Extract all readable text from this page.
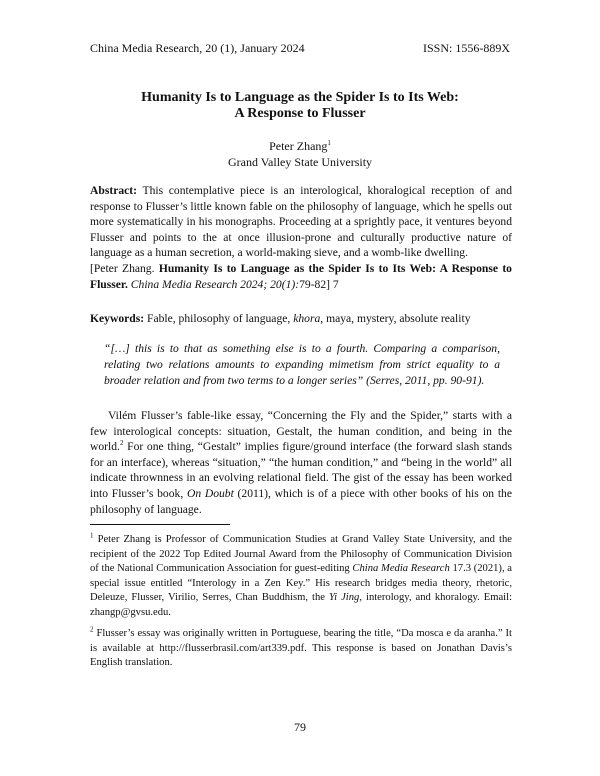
China Media Research, 20 (1), January 2024	ISSN: 1556-889X
Humanity Is to Language as the Spider Is to Its Web:
A Response to Flusser
Peter Zhang$^1$
Grand Valley State University
Abstract: This contemplative piece is an interological, khoralogical reception of and response to Flusser’s little known fable on the philosophy of language, which he spells out more systematically in his monographs. Proceeding at a sprightly pace, it ventures beyond Flusser and points to the at once illusion-prone and culturally productive nature of language as a human secretion, a world-making sieve, and a womb-like dwelling.
[Peter Zhang. Humanity Is to Language as the Spider Is to Its Web: A Response to Flusser. China Media Research 2024; 20(1):79-82] 7
Keywords: Fable, philosophy of language, khora, maya, mystery, absolute reality
“[…] this is to that as something else is to a fourth. Comparing a comparison, relating two relations amounts to expanding mimetism from strict equality to a broader relation and from two terms to a longer series” (Serres, 2011, pp. 90-91).
Vilém Flusser’s fable-like essay, “Concerning the Fly and the Spider,” starts with a few interological concepts: situation, Gestalt, the human condition, and being in the world.$^2$ For one thing, “Gestalt” implies figure/ground interface (the forward slash stands for an interface), whereas “situation,” “the human condition,” and “being in the world” all indicate thrownness in an evolving relational field. The gist of the essay has been worked into Flusser’s book, On Doubt (2011), which is of a piece with other books of his on the philosophy of language.
$^1$ Peter Zhang is Professor of Communication Studies at Grand Valley State University, and the recipient of the 2022 Top Edited Journal Award from the Philosophy of Communication Division of the National Communication Association for guest-editing China Media Research 17.3 (2021), a special issue entitled “Interology in a Zen Key.” His research bridges media theory, rhetoric, Deleuze, Flusser, Virilio, Serres, Chan Buddhism, the Yi Jing, interology, and khoralogy. Email: zhangp@gvsu.edu.
$^2$ Flusser’s essay was originally written in Portuguese, bearing the title, “Da mosca e da aranha.” It is available at http://flusserbrasil.com/art339.pdf. This response is based on Jonathan Davis’s English translation.
79
